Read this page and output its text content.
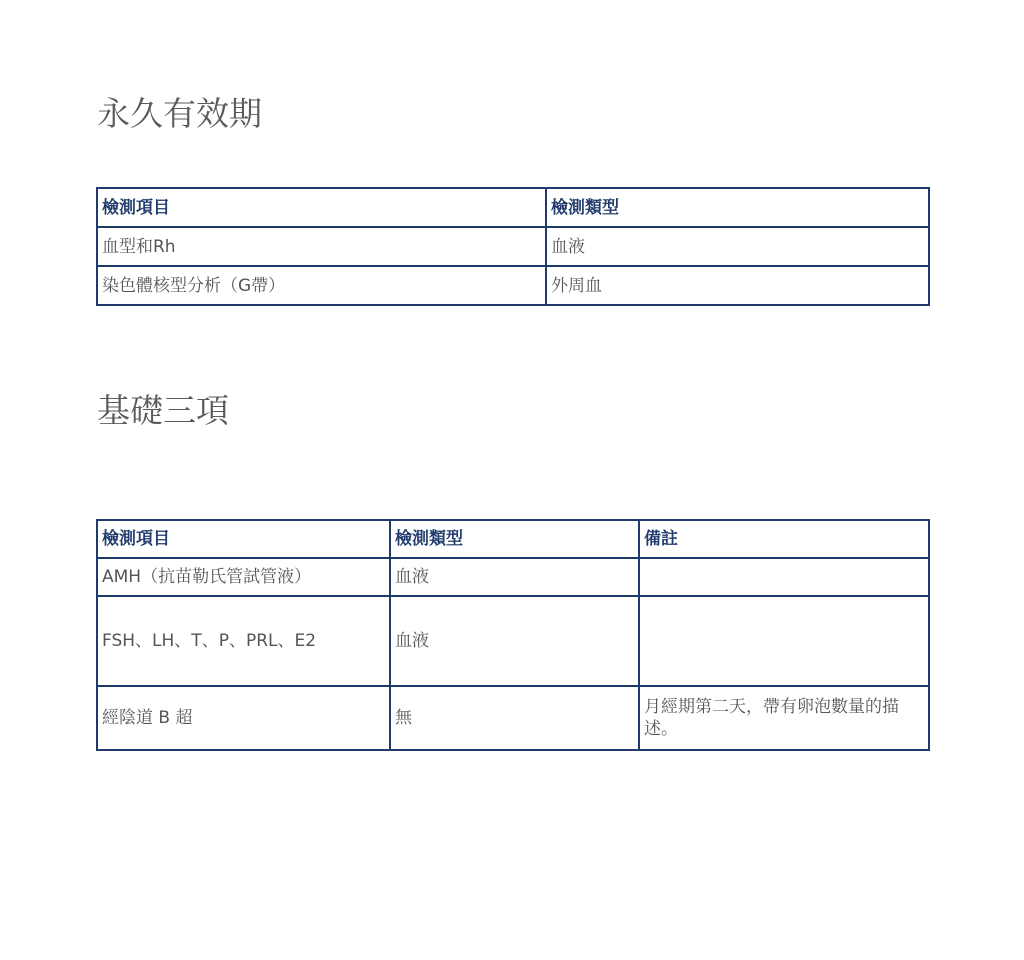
永久有效期
檢測項目	檢測類型
血型和Rh	血液
染色體核型分析（G帶）	外周血
基礎三項
檢測項目	檢測類型	備註
AMH（抗苗勒氏管試管液）	血液	
FSH、LH、T、P、PRL、E2	血液	
經陰道 B 超	無	月經期第二天，帶有卵泡數量的描述。
